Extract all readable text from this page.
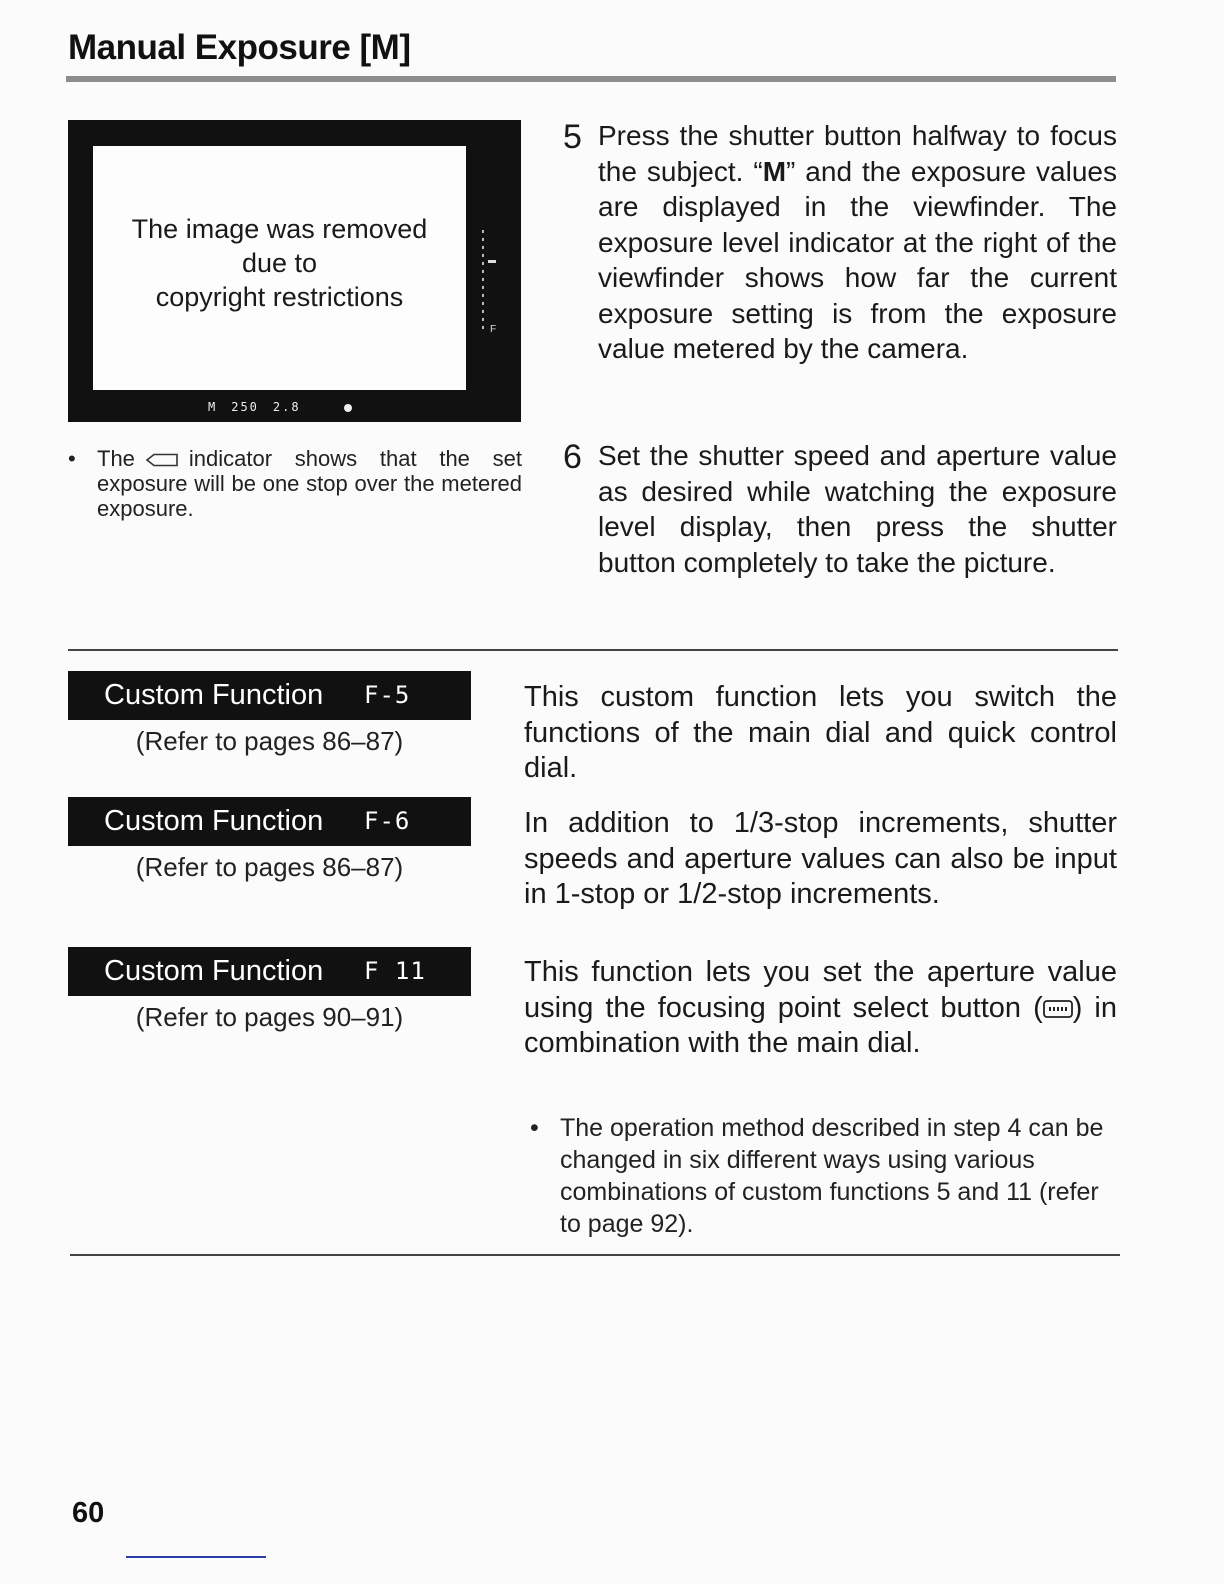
Manual Exposure [M]
The image was removed
due to
copyright restrictions
F
M 250 2.8
• The indicator shows that the set exposure will be one stop over the metered exposure.
5 Press the shutter button halfway to focus the subject. “M” and the exposure values are displayed in the viewfinder. The exposure level indicator at the right of the viewfinder shows how far the current exposure setting is from the exposure value metered by the camera.
6 Set the shutter speed and aperture value as desired while watching the exposure level display, then press the shutter button completely to take the picture.
Custom Function F-5
(Refer to pages 86–87)
This custom function lets you switch the functions of the main dial and quick control dial.
Custom Function F-6
(Refer to pages 86–87)
In addition to 1/3-stop increments, shutter speeds and aperture values can also be input in 1-stop or 1/2-stop increments.
Custom Function F 11
(Refer to pages 90–91)
This function lets you set the aperture value using the focusing point select button ( ) in combination with the main dial.
• The operation method described in step 4 can be changed in six different ways using various combinations of custom functions 5 and 11 (refer to page 92).
60
